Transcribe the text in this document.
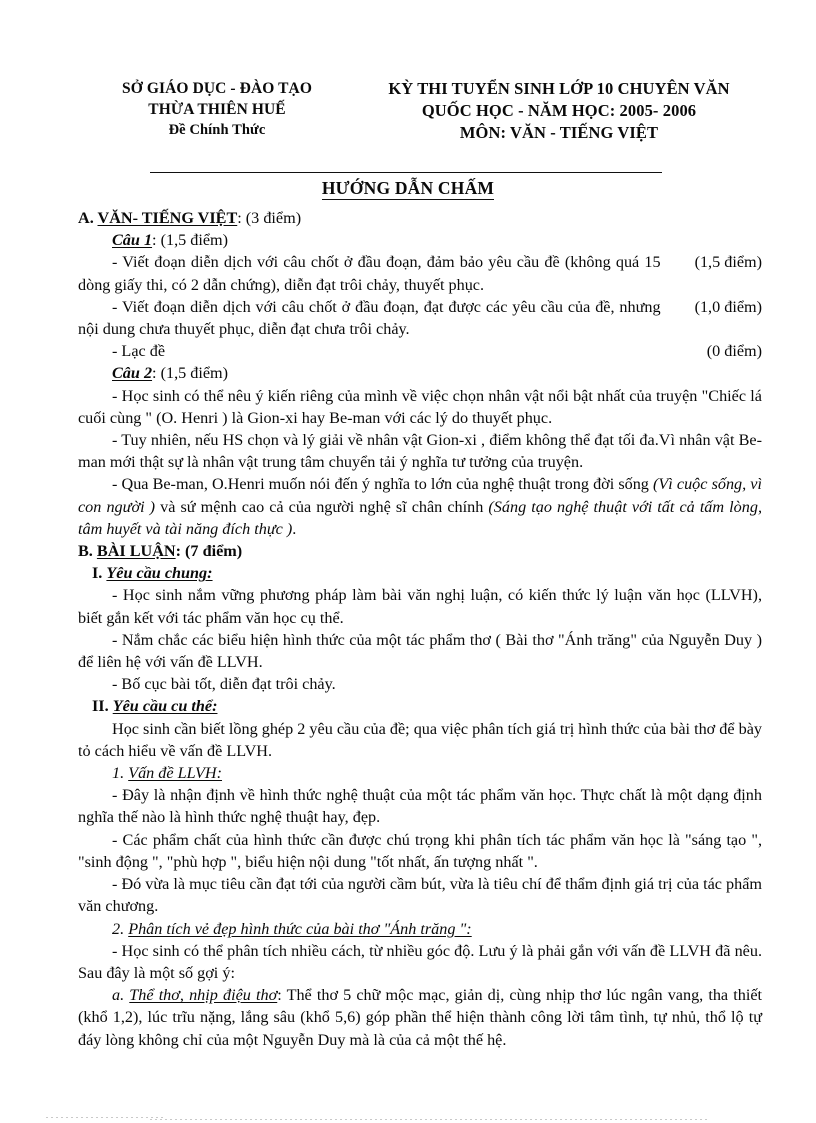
SỞ GIÁO DỤC - ĐÀO TẠO
THỪA THIÊN HUẾ
Đề Chính Thức
KỲ THI TUYỂN SINH LỚP 10 CHUYÊN VĂN
QUỐC HỌC - NĂM HỌC: 2005- 2006
MÔN: VĂN - TIẾNG VIỆT
HƯỚNG DẪN CHẤM

A. VĂN- TIẾNG VIỆT: (3 điểm)

Câu 1: (1,5 điểm)

(1,5 điểm)
- Viết đoạn diễn dịch với câu chốt ở đầu đoạn, đảm bảo yêu cầu đề (không quá 15 dòng giấy thi, có 2 dẫn chứng), diễn đạt trôi chảy, thuyết phục.

(1,0 điểm)
- Viết đoạn diễn dịch với câu chốt ở đầu đoạn, đạt được các yêu cầu của đề, nhưng nội dung chưa thuyết phục, diễn đạt chưa trôi chảy.

(0 điểm)
- Lạc đề

Câu 2: (1,5 điểm)

- Học sinh có thể nêu ý kiến riêng của mình về việc chọn nhân vật nổi bật nhất của truyện "Chiếc lá cuối cùng " (O. Henri ) là Gion-xi hay Be-man với các lý do thuyết phục.

- Tuy nhiên, nếu HS chọn và lý giải về nhân vật Gion-xi , điểm không thể đạt tối đa.Vì nhân vật Be-man mới thật sự là nhân vật trung tâm chuyển tải ý nghĩa tư tưởng của truyện.

- Qua Be-man, O.Henri muốn nói đến ý nghĩa to lớn của nghệ thuật trong đời sống (Vì cuộc sống, vì con người ) và sứ mệnh cao cả của người nghệ sĩ chân chính (Sáng tạo nghệ thuật với tất cả tấm lòng, tâm huyết và tài năng đích thực ).

B. BÀI LUẬN: (7 điểm)

I. Yêu cầu chung:

- Học sinh nắm vững phương pháp làm bài văn nghị luận, có kiến thức lý luận văn học (LLVH), biết gắn kết với tác phẩm văn học cụ thể.

- Nắm chắc các biểu hiện hình thức của một tác phẩm thơ ( Bài thơ "Ánh trăng" của Nguyễn Duy ) để liên hệ với vấn đề LLVH.

- Bố cục bài tốt, diễn đạt trôi chảy.

II. Yêu cầu cu thể:

Học sinh cần biết lồng ghép 2 yêu cầu của đề; qua việc phân tích giá trị hình thức của bài thơ để bày tỏ cách hiểu về vấn đề LLVH.

1. Vấn đề LLVH:

- Đây là nhận định về hình thức nghệ thuật của một tác phẩm văn học. Thực chất là một dạng định nghĩa thế nào là hình thức nghệ thuật hay, đẹp.

- Các phẩm chất của hình thức cần được chú trọng khi phân tích tác phẩm văn học là "sáng tạo ", "sinh động ", "phù hợp ", biểu hiện nội dung "tốt nhất, ấn tượng nhất ".

- Đó vừa là mục tiêu cần đạt tới của người cầm bút, vừa là tiêu chí để thẩm định giá trị của tác phẩm văn chương.

2. Phân tích vẻ đẹp hình thức của bài thơ "Ánh trăng ":

- Học sinh có thể phân tích nhiều cách, từ nhiều góc độ. Lưu ý là phải gắn với vấn đề LLVH đã nêu. Sau đây là một số gợi ý:

a. Thể thơ, nhịp điệu thơ: Thể thơ 5 chữ mộc mạc, giản dị, cùng nhịp thơ lúc ngân vang, tha thiết (khổ 1,2), lúc trĩu nặng, lắng sâu (khổ 5,6) góp phần thể hiện thành công lời tâm tình, tự nhủ, thổ lộ tự đáy lòng không chỉ của một Nguyễn Duy mà là của cả một thế hệ.
